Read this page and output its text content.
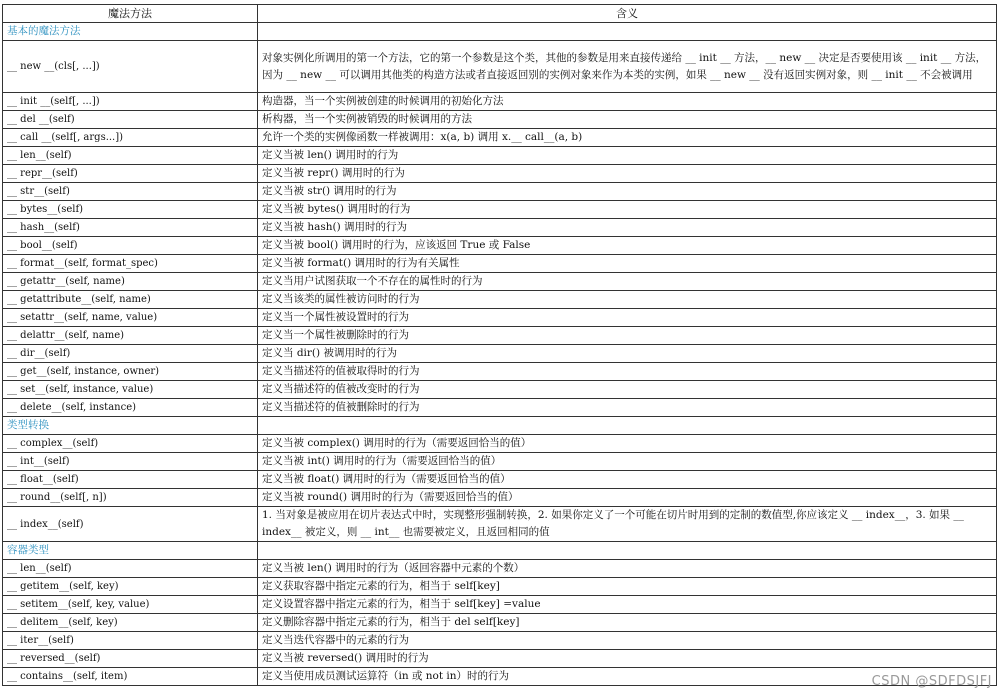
魔法方法	含义
基本的魔法方法	
__ new __(cls[, ...])	对象实例化所调用的第一个方法，它的第一个参数是这个类，其他的参数是用来直接传递给 __ init __ 方法，__ new __ 决定是否要使用该 __ init __ 方法，因为 __ new __ 可以调用其他类的构造方法或者直接返回别的实例对象来作为本类的实例，如果 __ new __ 没有返回实例对象，则 __ init __ 不会被调用
__ init __(self[, ...])	构造器，当一个实例被创建的时候调用的初始化方法
__ del __(self)	析构器，当一个实例被销毁的时候调用的方法
__ call __(self[, args...])	允许一个类的实例像函数一样被调用：x(a, b) 调用 x.__ call__(a, b)
__ len__(self)	定义当被 len() 调用时的行为
__ repr__(self)	定义当被 repr() 调用时的行为
__ str__(self)	定义当被 str() 调用时的行为
__ bytes__(self)	定义当被 bytes() 调用时的行为
__ hash__(self)	定义当被 hash() 调用时的行为
__ bool__(self)	定义当被 bool() 调用时的行为，应该返回 True 或 False
__ format__(self, format_spec)	定义当被 format() 调用时的行为有关属性
__ getattr__(self, name)	定义当用户试图获取一个不存在的属性时的行为
__ getattribute__(self, name)	定义当该类的属性被访问时的行为
__ setattr__(self, name, value)	定义当一个属性被设置时的行为
__ delattr__(self, name)	定义当一个属性被删除时的行为
__ dir__(self)	定义当 dir() 被调用时的行为
__ get__(self, instance, owner)	定义当描述符的值被取得时的行为
__ set__(self, instance, value)	定义当描述符的值被改变时的行为
__ delete__(self, instance)	定义当描述符的值被删除时的行为
类型转换	
__ complex__(self)	定义当被 complex() 调用时的行为（需要返回恰当的值）
__ int__(self)	定义当被 int() 调用时的行为（需要返回恰当的值）
__ float__(self)	定义当被 float() 调用时的行为（需要返回恰当的值）
__ round__(self[, n])	定义当被 round() 调用时的行为（需要返回恰当的值）
__ index__(self)	1. 当对象是被应用在切片表达式中时，实现整形强制转换，2. 如果你定义了一个可能在切片时用到的定制的数值型,你应该定义 __ index__，3. 如果 __ index__ 被定义，则 __ int__ 也需要被定义，且返回相同的值
容器类型	
__ len__(self)	定义当被 len() 调用时的行为（返回容器中元素的个数）
__ getitem__(self, key)	定义获取容器中指定元素的行为，相当于 self[key]
__ setitem__(self, key, value)	定义设置容器中指定元素的行为，相当于 self[key] =value
__ delitem__(self, key)	定义删除容器中指定元素的行为，相当于 del self[key]
__ iter__(self)	定义当迭代容器中的元素的行为
__ reversed__(self)	定义当被 reversed() 调用时的行为
__ contains__(self, item)	定义当使用成员测试运算符（in 或 not in）时的行为	CSDN @SDFDSJFJ
